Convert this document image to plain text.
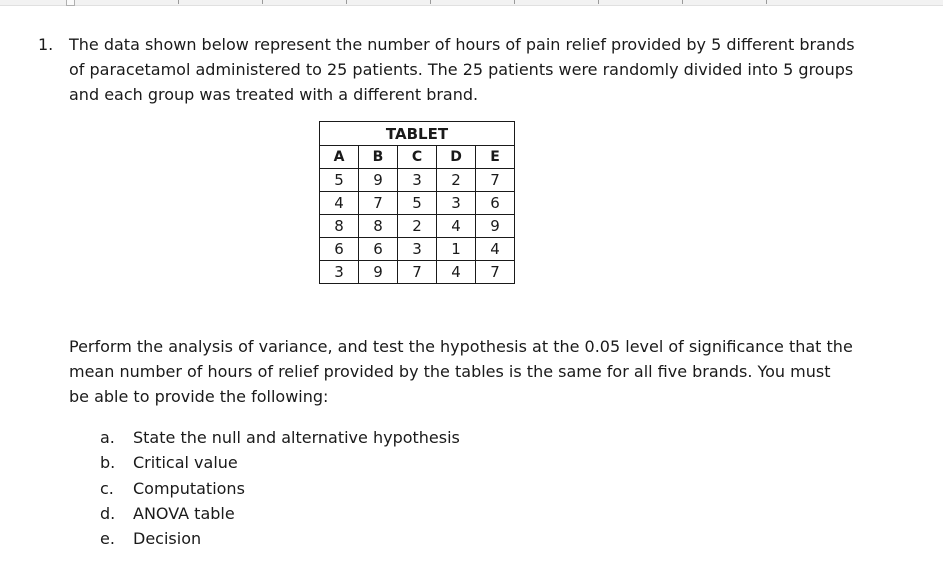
1. The data shown below represent the number of hours of pain relief provided by 5 different brands
of paracetamol administered to 25 patients. The 25 patients were randomly divided into 5 groups
and each group was treated with a different brand.
TABLET				
A	B	C	D	E
5	9	3	2	7
4	7	5	3	6
8	8	2	4	9
6	6	3	1	4
3	9	7	4	7
Perform the analysis of variance, and test the hypothesis at the 0.05 level of significance that the
mean number of hours of relief provided by the tables is the same for all five brands. You must
be able to provide the following:
a. State the null and alternative hypothesis
b. Critical value
c. Computations
d. ANOVA table
e. Decision
